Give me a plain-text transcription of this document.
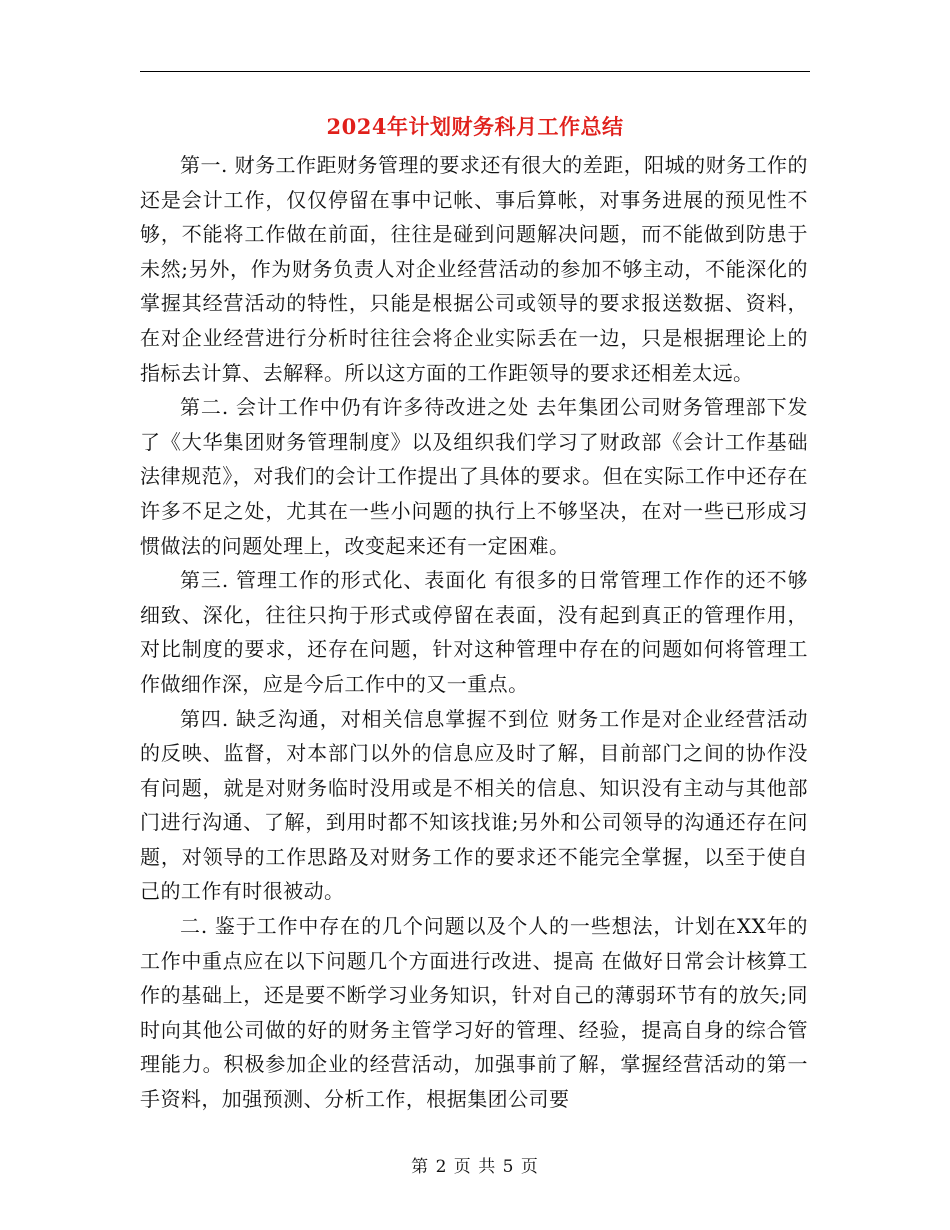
2024年计划财务科月工作总结

第一. 财务工作距财务管理的要求还有很大的差距，阳城的财务工作的还是会计工作，仅仅停留在事中记帐、事后算帐，对事务进展的预见性不够，不能将工作做在前面，往往是碰到问题解决问题，而不能做到防患于未然;另外，作为财务负责人对企业经营活动的参加不够主动，不能深化的掌握其经营活动的特性，只能是根据公司或领导的要求报送数据、资料，在对企业经营进行分析时往往会将企业实际丢在一边，只是根据理论上的指标去计算、去解释。所以这方面的工作距领导的要求还相差太远。

第二. 会计工作中仍有许多待改进之处 去年集团公司财务管理部下发了《大华集团财务管理制度》以及组织我们学习了财政部《会计工作基础法律规范》，对我们的会计工作提出了具体的要求。但在实际工作中还存在许多不足之处，尤其在一些小问题的执行上不够坚决，在对一些已形成习惯做法的问题处理上，改变起来还有一定困难。

第三. 管理工作的形式化、表面化 有很多的日常管理工作作的还不够细致、深化，往往只拘于形式或停留在表面，没有起到真正的管理作用，对比制度的要求，还存在问题，针对这种管理中存在的问题如何将管理工作做细作深，应是今后工作中的又一重点。

第四. 缺乏沟通，对相关信息掌握不到位 财务工作是对企业经营活动的反映、监督，对本部门以外的信息应及时了解，目前部门之间的协作没有问题，就是对财务临时没用或是不相关的信息、知识没有主动与其他部门进行沟通、了解，到用时都不知该找谁;另外和公司领导的沟通还存在问题，对领导的工作思路及对财务工作的要求还不能完全掌握，以至于使自己的工作有时很被动。

二. 鉴于工作中存在的几个问题以及个人的一些想法，计划在XX年的工作中重点应在以下问题几个方面进行改进、提高 在做好日常会计核算工作的基础上，还是要不断学习业务知识，针对自己的薄弱环节有的放矢;同时向其他公司做的好的财务主管学习好的管理、经验，提高自身的综合管理能力。积极参加企业的经营活动，加强事前了解，掌握经营活动的第一手资料，加强预测、分析工作，根据集团公司要

第 2 页 共 5 页
